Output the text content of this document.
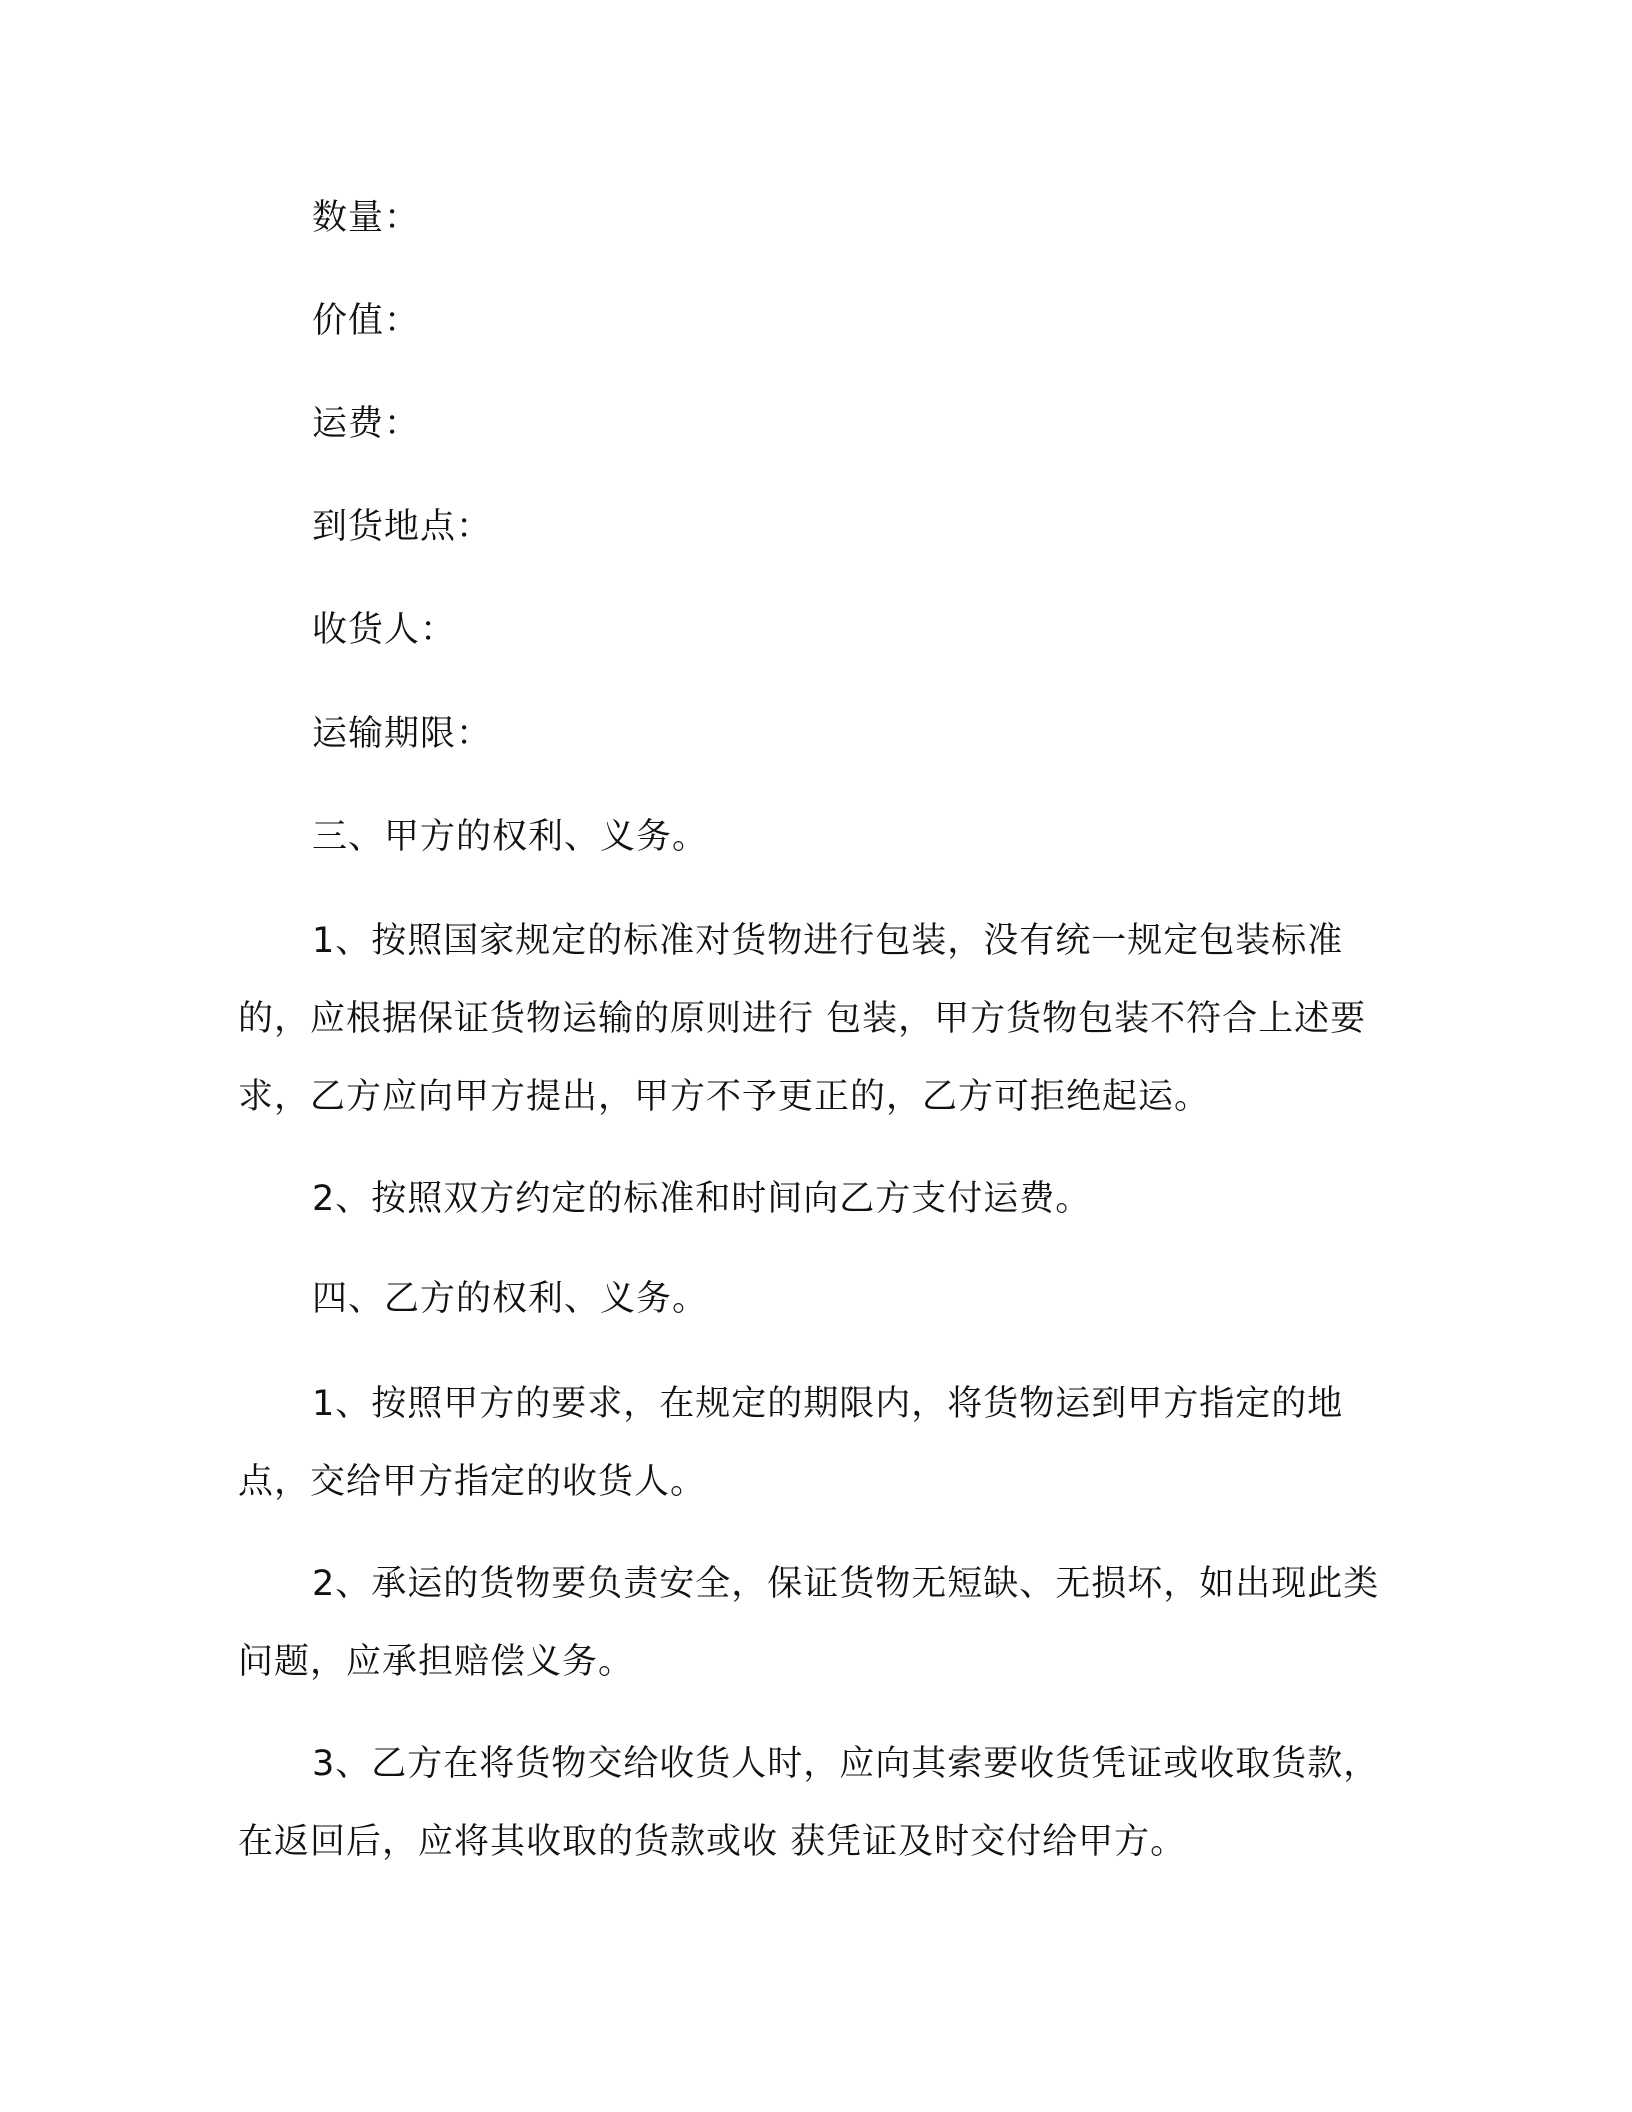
数量：
价值：
运费：
到货地点：
收货人：
运输期限：
三、甲方的权利、义务。
1、按照国家规定的标准对货物进行包装，没有统一规定包装标准的，应根据保证货物运输的原则进行 包装，甲方货物包装不符合上述要求，乙方应向甲方提出，甲方不予更正的，乙方可拒绝起运。
2、按照双方约定的标准和时间向乙方支付运费。
四、乙方的权利、义务。
1、按照甲方的要求，在规定的期限内，将货物运到甲方指定的地点，交给甲方指定的收货人。
2、承运的货物要负责安全，保证货物无短缺、无损坏，如出现此类问题，应承担赔偿义务。
3、乙方在将货物交给收货人时，应向其索要收货凭证或收取货款，在返回后，应将其收取的货款或收 获凭证及时交付给甲方。
